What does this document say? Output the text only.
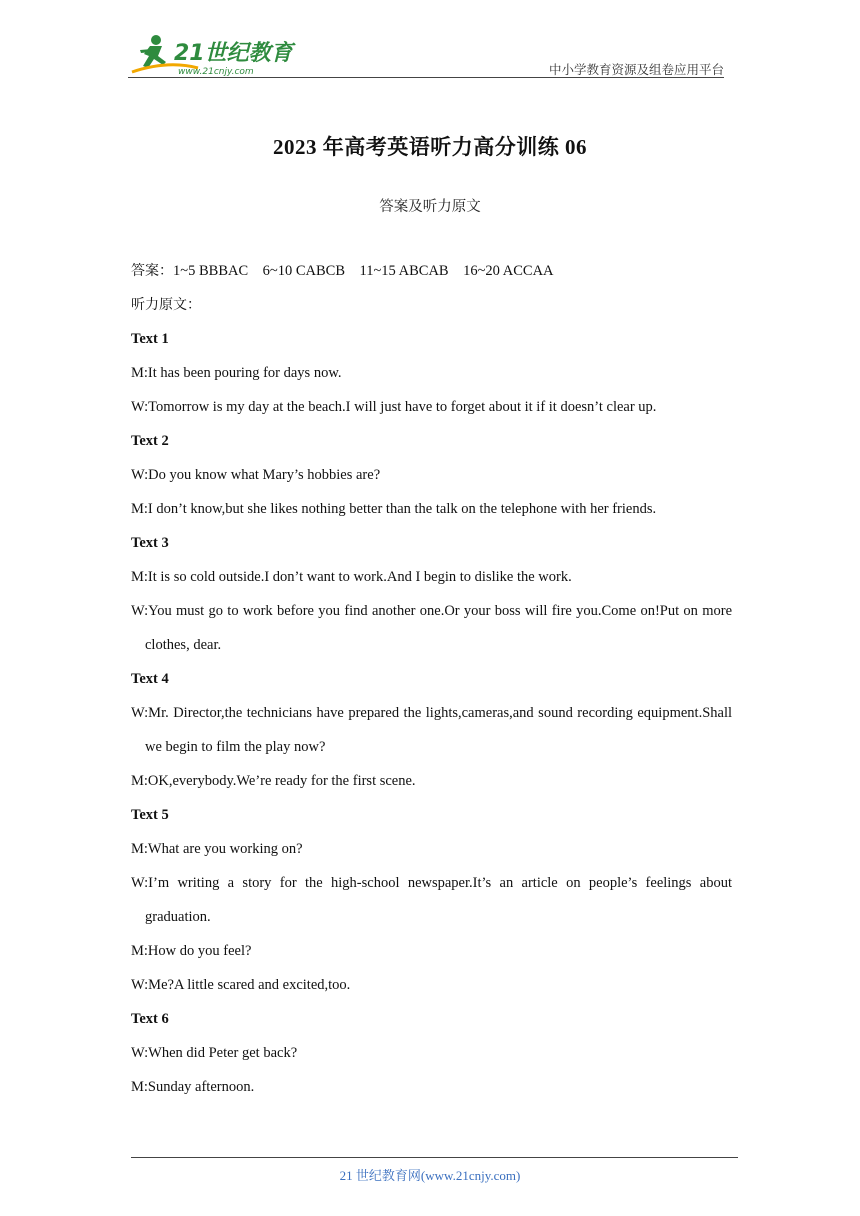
21世纪教育
www.21cnjy.com	中小学教育资源及组卷应用平台
2023 年高考英语听力高分训练 06
答案及听力原文
答案：1~5 BBBAC    6~10 CABCB    11~15 ABCAB    16~20 ACCAA
听力原文：
Text 1
M:It has been pouring for days now.
W:Tomorrow is my day at the beach.I will just have to forget about it if it doesn’t clear up.
Text 2
W:Do you know what Mary’s hobbies are?
M:I don’t know,but she likes nothing better than the talk on the telephone with her friends.
Text 3
M:It is so cold outside.I don’t want to work.And I begin to dislike the work.
W:You must go to work before you find another one.Or your boss will fire you.Come on!Put on more clothes, dear.
Text 4
W:Mr. Director,the technicians have prepared the lights,cameras,and sound recording equipment.Shall we begin to film the play now?
M:OK,everybody.We’re ready for the first scene.
Text 5
M:What are you working on?
W:I’m writing a story for the high-school newspaper.It’s an article on people’s feelings about graduation.
M:How do you feel?
W:Me?A little scared and excited,too.
Text 6
W:When did Peter get back?
M:Sunday afternoon.
21 世纪教育网(www.21cnjy.com)
